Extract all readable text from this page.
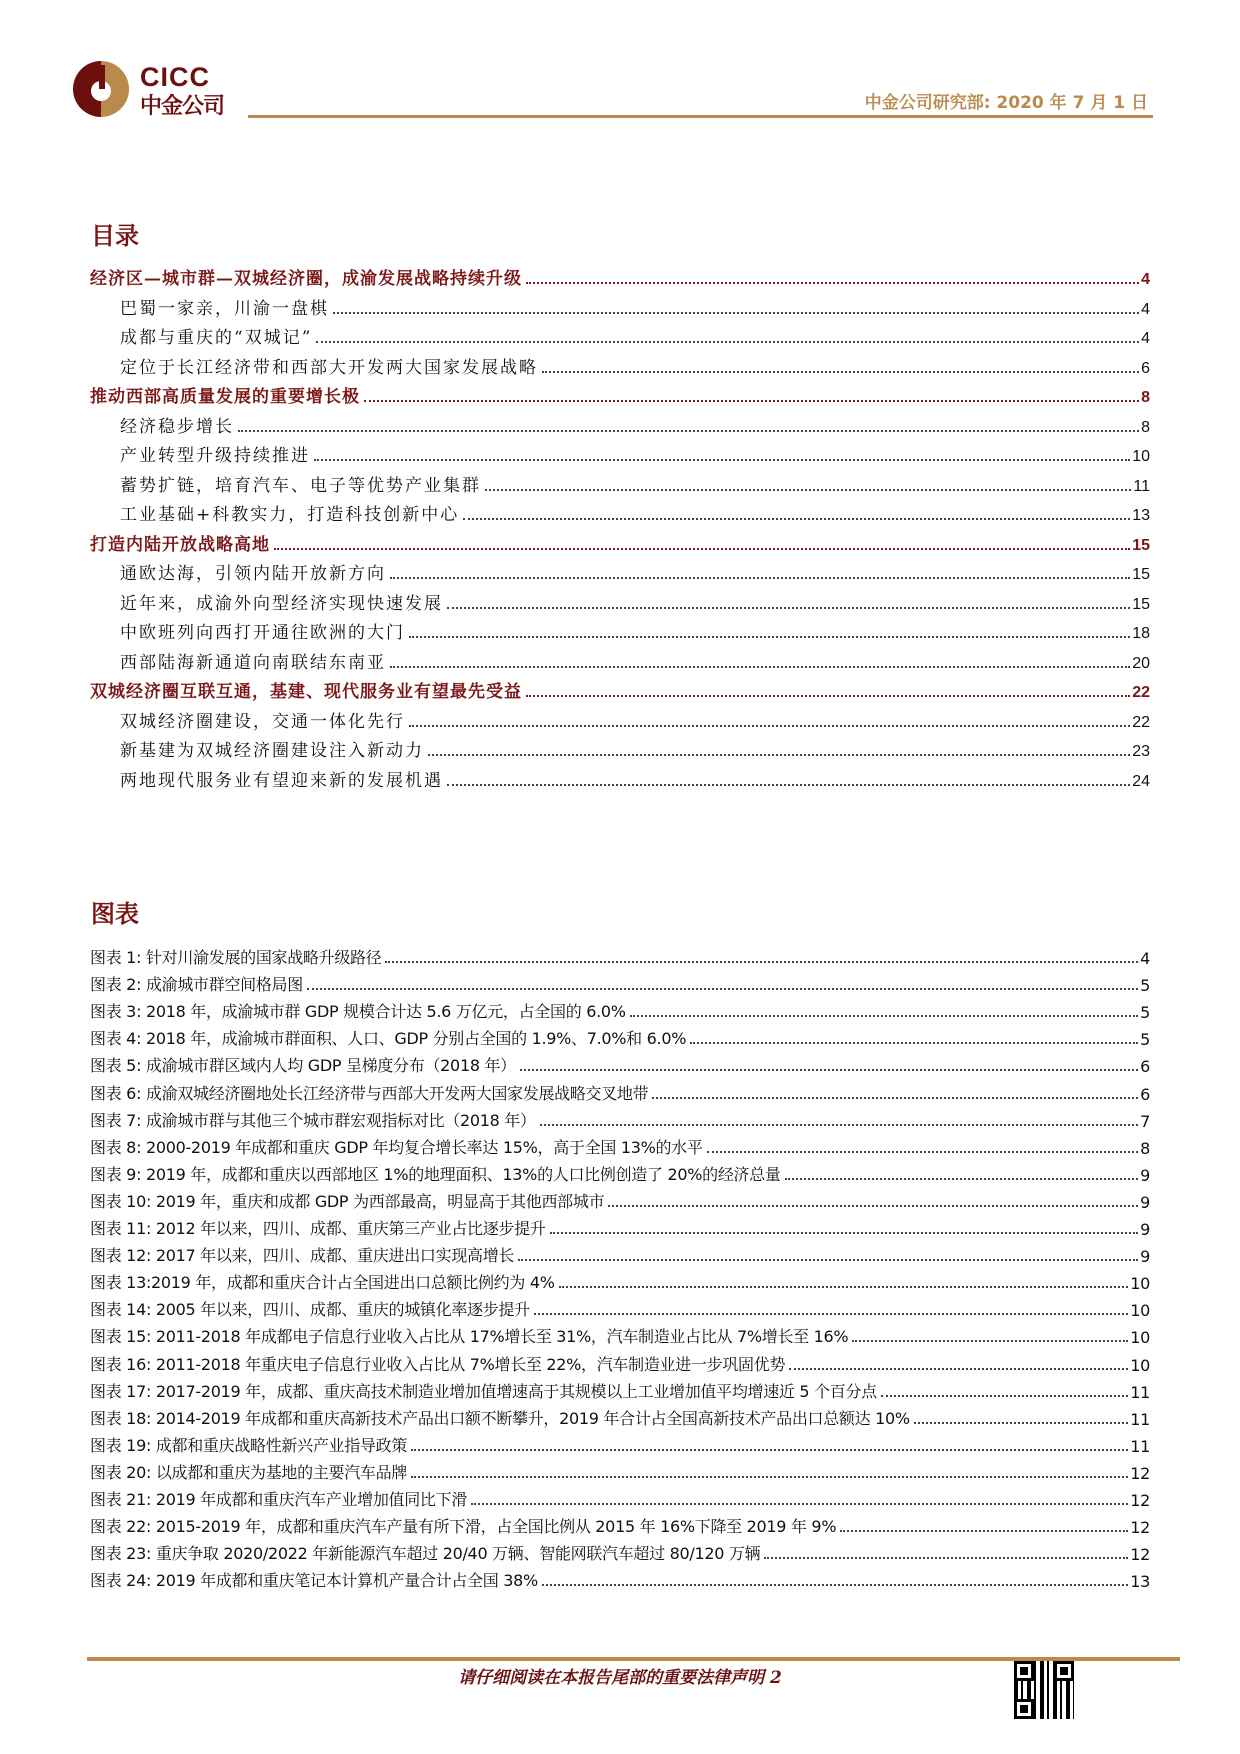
CICC
中金公司	中金公司研究部: 2020 年 7 月 1 日
目录
经济区—城市群—双城经济圈，成渝发展战略持续升级	4
巴蜀一家亲，川渝一盘棋	4
成都与重庆的“双城记”	4
定位于长江经济带和西部大开发两大国家发展战略	6
推动西部高质量发展的重要增长极	8
经济稳步增长	8
产业转型升级持续推进	10
蓄势扩链，培育汽车、电子等优势产业集群	11
工业基础+科教实力，打造科技创新中心	13
打造内陆开放战略高地	15
通欧达海，引领内陆开放新方向	15
近年来，成渝外向型经济实现快速发展	15
中欧班列向西打开通往欧洲的大门	18
西部陆海新通道向南联结东南亚	20
双城经济圈互联互通，基建、现代服务业有望最先受益	22
双城经济圈建设，交通一体化先行	22
新基建为双城经济圈建设注入新动力	23
两地现代服务业有望迎来新的发展机遇	24
图表
图表 1: 针对川渝发展的国家战略升级路径	4
图表 2: 成渝城市群空间格局图	5
图表 3: 2018 年，成渝城市群 GDP 规模合计达 5.6 万亿元，占全国的 6.0%	5
图表 4: 2018 年，成渝城市群面积、人口、GDP 分别占全国的 1.9%、7.0%和 6.0%	5
图表 5: 成渝城市群区域内人均 GDP 呈梯度分布（2018 年）	6
图表 6: 成渝双城经济圈地处长江经济带与西部大开发两大国家发展战略交叉地带	6
图表 7: 成渝城市群与其他三个城市群宏观指标对比（2018 年）	7
图表 8: 2000-2019 年成都和重庆 GDP 年均复合增长率达 15%，高于全国 13%的水平	8
图表 9: 2019 年，成都和重庆以西部地区 1%的地理面积、13%的人口比例创造了 20%的经济总量	9
图表 10: 2019 年，重庆和成都 GDP 为西部最高，明显高于其他西部城市	9
图表 11: 2012 年以来，四川、成都、重庆第三产业占比逐步提升	9
图表 12: 2017 年以来，四川、成都、重庆进出口实现高增长	9
图表 13:2019 年，成都和重庆合计占全国进出口总额比例约为 4%	10
图表 14: 2005 年以来，四川、成都、重庆的城镇化率逐步提升	10
图表 15: 2011-2018 年成都电子信息行业收入占比从 17%增长至 31%，汽车制造业占比从 7%增长至 16%	10
图表 16: 2011-2018 年重庆电子信息行业收入占比从 7%增长至 22%，汽车制造业进一步巩固优势	10
图表 17: 2017-2019 年，成都、重庆高技术制造业增加值增速高于其规模以上工业增加值平均增速近 5 个百分点	11
图表 18: 2014-2019 年成都和重庆高新技术产品出口额不断攀升，2019 年合计占全国高新技术产品出口总额达 10%	11
图表 19: 成都和重庆战略性新兴产业指导政策	11
图表 20: 以成都和重庆为基地的主要汽车品牌	12
图表 21: 2019 年成都和重庆汽车产业增加值同比下滑	12
图表 22: 2015-2019 年，成都和重庆汽车产量有所下滑，占全国比例从 2015 年 16%下降至 2019 年 9%	12
图表 23: 重庆争取 2020/2022 年新能源汽车超过 20/40 万辆、智能网联汽车超过 80/120 万辆	12
图表 24: 2019 年成都和重庆笔记本计算机产量合计占全国 38%	13
请仔细阅读在本报告尾部的重要法律声明 2
